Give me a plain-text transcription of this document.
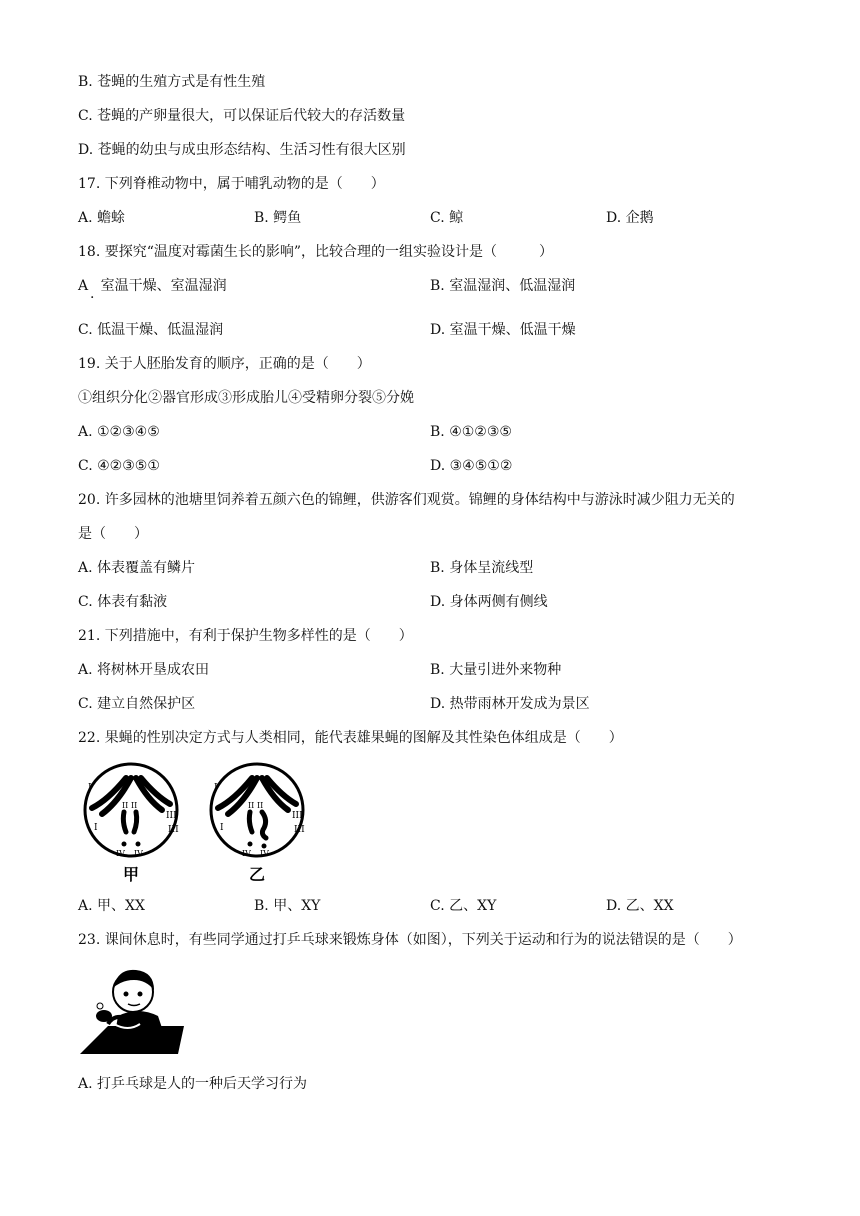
B. 苍蝇的生殖方式是有性生殖
C. 苍蝇的产卵量很大，可以保证后代较大的存活数量
D. 苍蝇的幼虫与成虫形态结构、生活习性有很大区别
17. 下列脊椎动物中，属于哺乳动物的是（　　）
A. 蟾蜍	B. 鳄鱼	C. 鲸	D. 企鹅
18. 要探究“温度对霉菌生长的影响”，比较合理的一组实验设计是（　　　）
A 室温干燥、室温湿润
·
B. 室温湿润、低温湿润
C. 低温干燥、低温湿润	D. 室温干燥、低温干燥
19. 关于人胚胎发育的顺序，正确的是（　　）
①组织分化②器官形成③形成胎儿④受精卵分裂⑤分娩
A. ①②③④⑤	B. ④①②③⑤
C. ④②③⑤①	D. ③④⑤①②
20. 许多园林的池塘里饲养着五颜六色的锦鲤，供游客们观赏。锦鲤的身体结构中与游泳时减少阻力无关的
是（　　）
A. 体表覆盖有鳞片	B. 身体呈流线型
C. 体表有黏液	D. 身体两侧有侧线
21. 下列措施中，有利于保护生物多样性的是（　　）
A. 将树林开垦成农田	B. 大量引进外来物种
C. 建立自然保护区	D. 热带雨林开发成为景区
22. 果蝇的性别决定方式与人类相同，能代表雄果蝇的图解及其性染色体组成是（　　）
I
I
II II
III
III
IV IV
甲
I
I
II II
III
III
IV IV
乙
A. 甲、XX	B. 甲、XY	C. 乙、XY	D. 乙、XX
23. 课间休息时，有些同学通过打乒乓球来锻炼身体（如图），下列关于运动和行为的说法错误的是（　　）
A. 打乒乓球是人的一种后天学习行为
